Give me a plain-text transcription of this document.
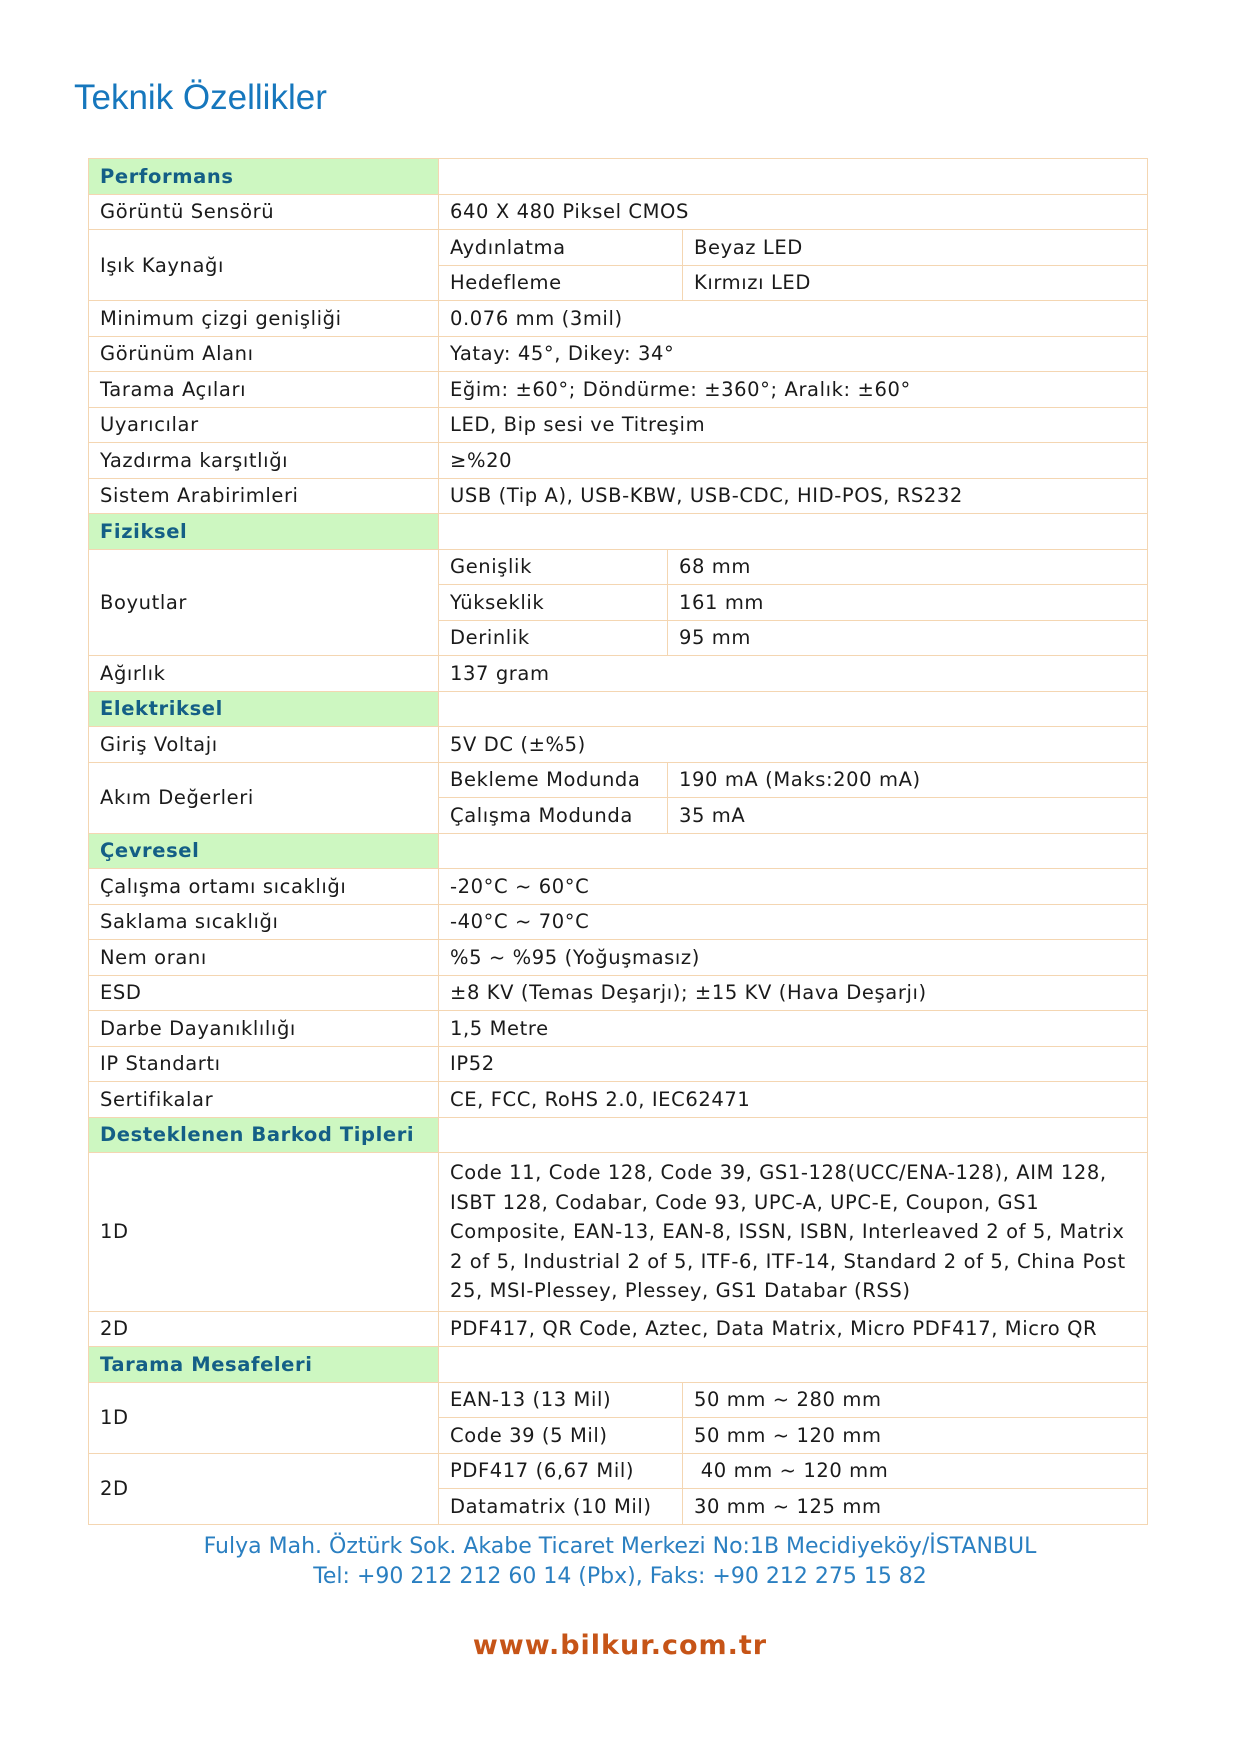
Teknik Özellikler
Performans			
Görüntü Sensörü	640 X 480 Piksel CMOS		
Işık Kaynağı	Aydınlatma		Beyaz LED
	Hedefleme		Kırmızı LED
Minimum çizgi genişliği	0.076 mm (3mil)		
Görünüm Alanı	Yatay: 45°, Dikey: 34°		
Tarama Açıları	Eğim: ±60°; Döndürme: ±360°; Aralık: ±60°		
Uyarıcılar	LED, Bip sesi ve Titreşim		
Yazdırma karşıtlığı	≥%20		
Sistem Arabirimleri	USB (Tip A), USB-KBW, USB-CDC, HID-POS, RS232		
Fiziksel			
Boyutlar	Genişlik	68 mm	
	Yükseklik	161 mm	
	Derinlik	95 mm	
Ağırlık	137 gram		
Elektriksel			
Giriş Voltajı	5V DC (±%5)		
Akım Değerleri	Bekleme Modunda	190 mA (Maks:200 mA)	
	Çalışma Modunda	35 mA	
Çevresel			
Çalışma ortamı sıcaklığı	-20°C ~ 60°C		
Saklama sıcaklığı	-40°C ~ 70°C		
Nem oranı	%5 ~ %95 (Yoğuşmasız)		
ESD	±8 KV (Temas Deşarjı); ±15 KV (Hava Deşarjı)		
Darbe Dayanıklılığı	1,5 Metre		
IP Standartı	IP52		
Sertifikalar	CE, FCC, RoHS 2.0, IEC62471		
Desteklenen Barkod Tipleri			
1D	Code 11, Code 128, Code 39, GS1-128(UCC/ENA-128), AIM 128, ISBT 128, Codabar, Code 93, UPC-A, UPC-E, Coupon, GS1 Composite, EAN-13, EAN-8, ISSN, ISBN, Interleaved 2 of 5, Matrix 2 of 5, Industrial 2 of 5, ITF-6, ITF-14, Standard 2 of 5, China Post 25, MSI-Plessey, Plessey, GS1 Databar (RSS)		
2D	PDF417, QR Code, Aztec, Data Matrix, Micro PDF417, Micro QR		
Tarama Mesafeleri			
1D	EAN-13 (13 Mil)		50 mm ~ 280 mm
	Code 39 (5 Mil)		50 mm ~ 120 mm
2D	PDF417 (6,67 Mil)		40 mm ~ 120 mm
	Datamatrix (10 Mil)		30 mm ~ 125 mm

Fulya Mah. Öztürk Sok. Akabe Ticaret Merkezi No:1B Mecidiyeköy/İSTANBUL

Tel: +90 212 212 60 14 (Pbx), Faks: +90 212 275 15 82

www.bilkur.com.tr
